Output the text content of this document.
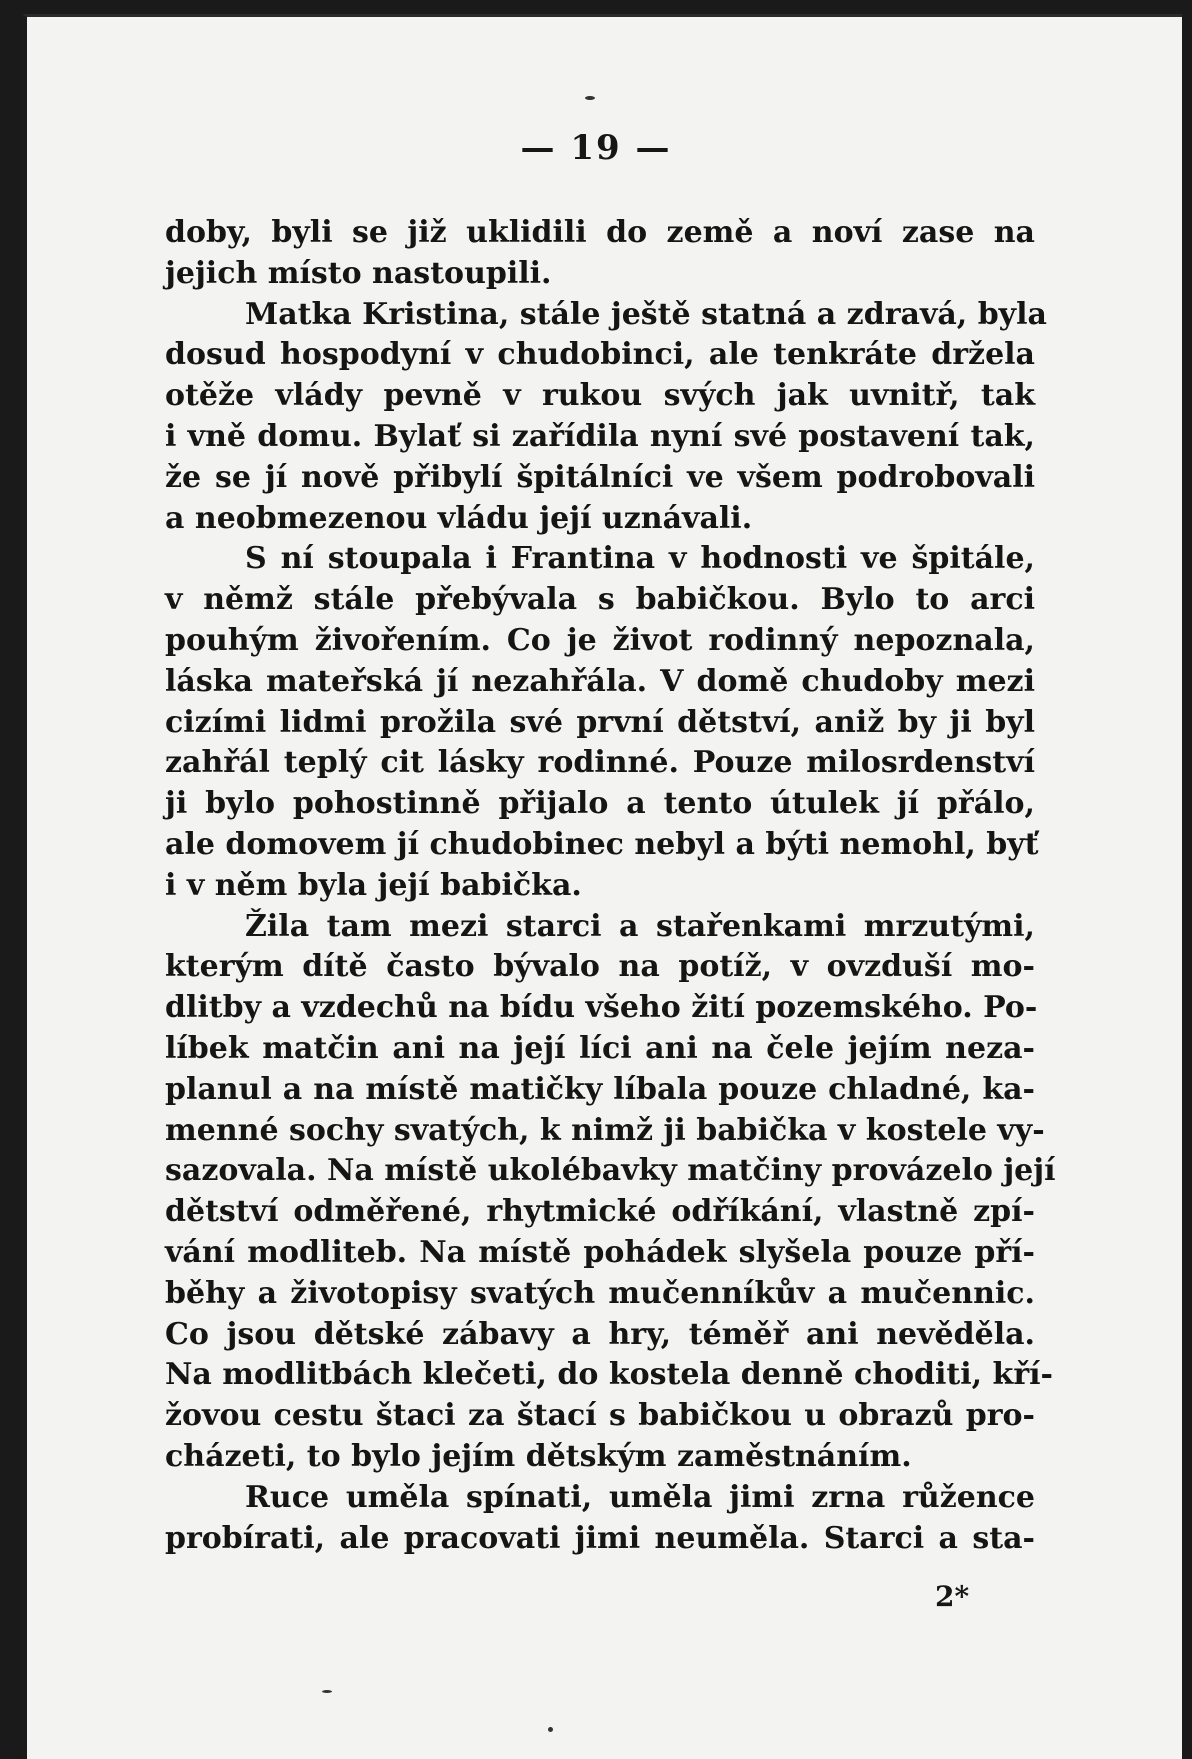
— 19 —
doby, byli se již uklidili do země a noví zase na
jejich místo nastoupili.
Matka Kristina, stále ještě statná a zdravá, byla
dosud hospodyní v chudobinci, ale tenkráte držela
otěže vlády pevně v rukou svých jak uvnitř, tak
i vně domu. Bylať si zařídila nyní své postavení tak,
že se jí nově přibylí špitálníci ve všem podrobovali
a neobmezenou vládu její uznávali.
S ní stoupala i Frantina v hodnosti ve špitále,
v němž stále přebývala s babičkou. Bylo to arci
pouhým živořením. Co je život rodinný nepoznala,
láska mateřská jí nezahřála. V domě chudoby mezi
cizími lidmi prožila své první dětství, aniž by ji byl
zahřál teplý cit lásky rodinné. Pouze milosrdenství
ji bylo pohostinně přijalo a tento útulek jí přálo,
ale domovem jí chudobinec nebyl a býti nemohl, byť
i v něm byla její babička.
Žila tam mezi starci a stařenkami mrzutými,
kterým dítě často bývalo na potíž, v ovzduší mo-
dlitby a vzdechů na bídu všeho žití pozemského. Po-
líbek matčin ani na její líci ani na čele jejím neza-
planul a na místě matičky líbala pouze chladné, ka-
menné sochy svatých, k nimž ji babička v kostele vy-
sazovala. Na místě ukolébavky matčiny provázelo její
dětství odměřené, rhytmické odříkání, vlastně zpí-
vání modliteb. Na místě pohádek slyšela pouze pří-
běhy a životopisy svatých mučenníkův a mučennic.
Co jsou dětské zábavy a hry, téměř ani nevěděla.
Na modlitbách klečeti, do kostela denně choditi, kří-
žovou cestu štaci za štací s babičkou u obrazů pro-
cházeti, to bylo jejím dětským zaměstnáním.
Ruce uměla spínati, uměla jimi zrna růžence
probírati, ale pracovati jimi neuměla. Starci a sta-
2*
